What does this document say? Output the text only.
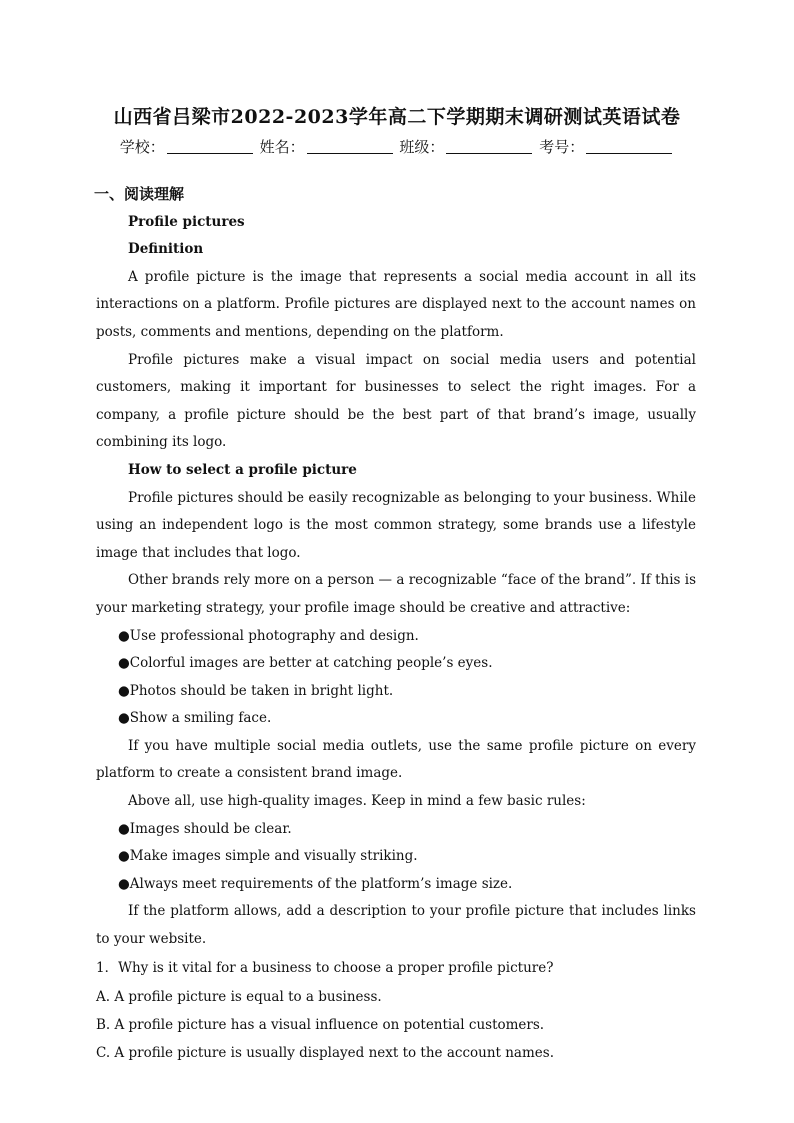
山西省吕梁市2022-2023学年高二下学期期末调研测试英语试卷
学校：	姓名：	班级：	考号：

一、阅读理解

Profile pictures

Definition

A profile picture is the image that represents a social media account in all its interactions on a platform. Profile pictures are displayed next to the account names on posts, comments and mentions, depending on the platform.

Profile pictures make a visual impact on social media users and potential customers, making it important for businesses to select the right images. For a company, a profile picture should be the best part of that brand’s image, usually combining its logo.

How to select a profile picture

Profile pictures should be easily recognizable as belonging to your business. While using an independent logo is the most common strategy, some brands use a lifestyle image that includes that logo.

Other brands rely more on a person — a recognizable “face of the brand”. If this is your marketing strategy, your profile image should be creative and attractive:

●Use professional photography and design.

●Colorful images are better at catching people’s eyes.

●Photos should be taken in bright light.

●Show a smiling face.

If you have multiple social media outlets, use the same profile picture on every platform to create a consistent brand image.

Above all, use high-quality images. Keep in mind a few basic rules:

●Images should be clear.

●Make images simple and visually striking.

●Always meet requirements of the platform’s image size.

If the platform allows, add a description to your profile picture that includes links to your website.

1．Why is it vital for a business to choose a proper profile picture?

A. A profile picture is equal to a business.

B. A profile picture has a visual influence on potential customers.

C. A profile picture is usually displayed next to the account names.
